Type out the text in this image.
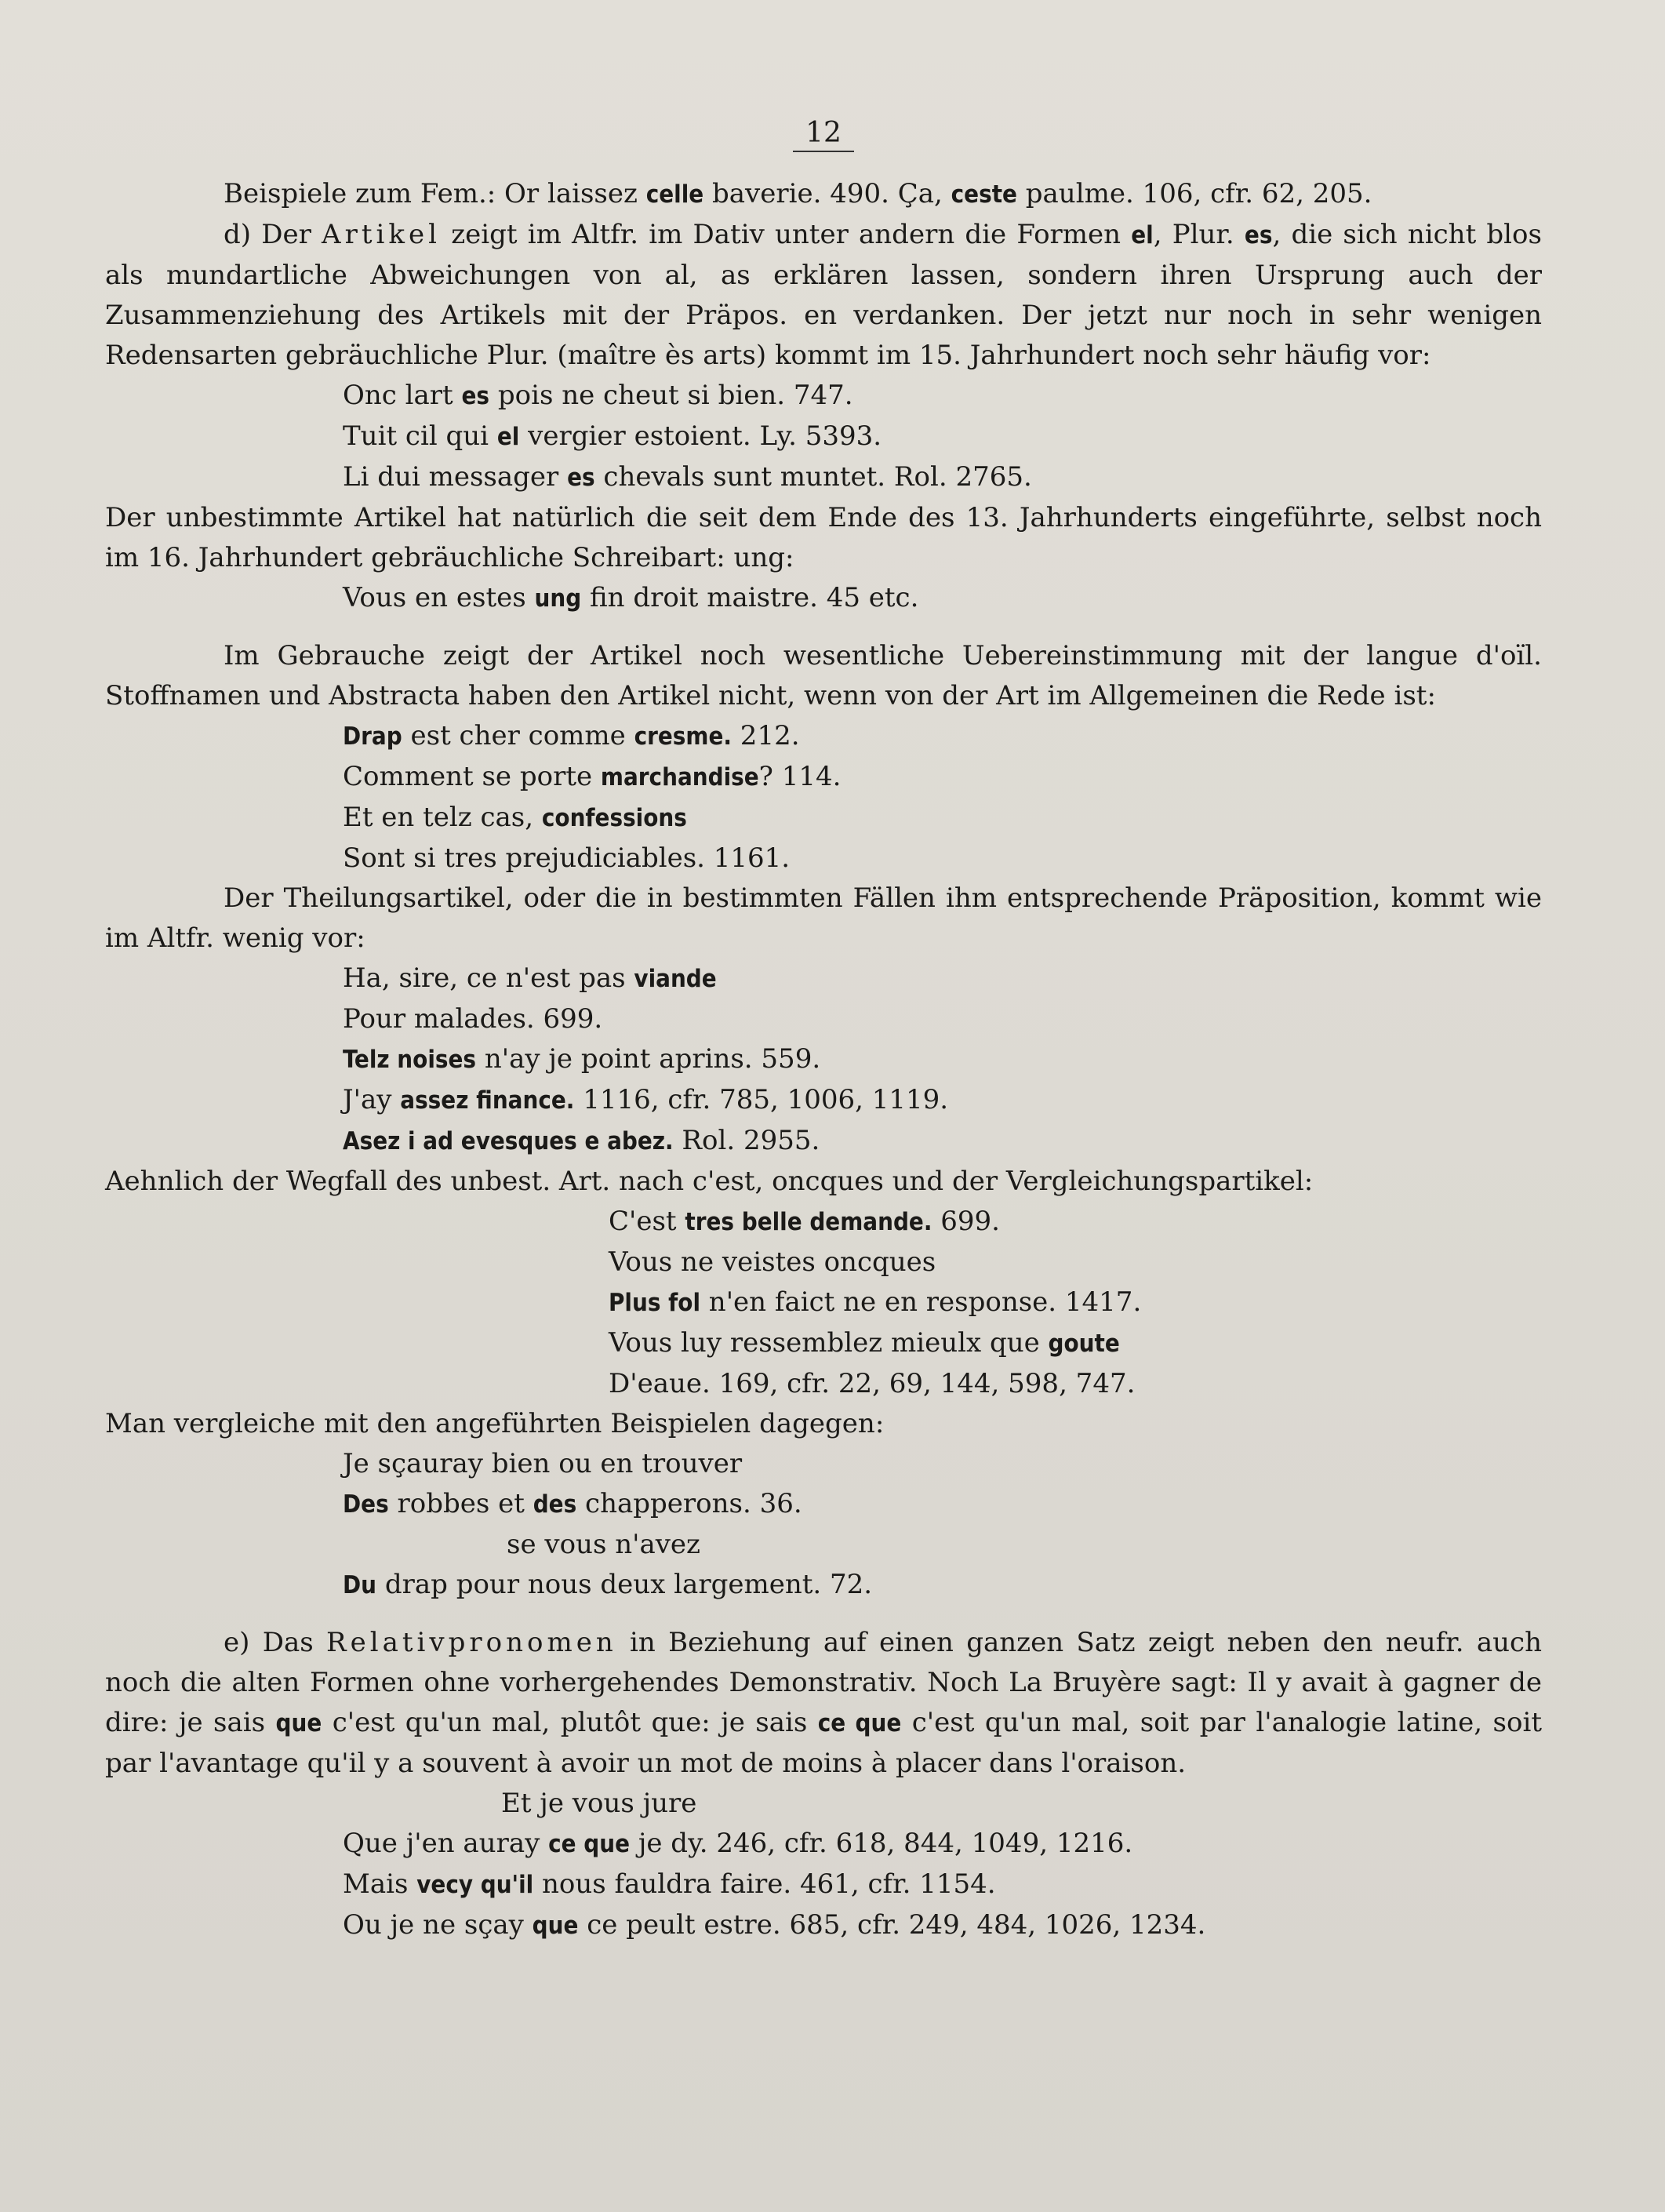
12

Beispiele zum Fem.: Or laissez celle baverie. 490. Ça, ceste paulme. 106, cfr. 62, 205.

d) Der Artikel zeigt im Altfr. im Dativ unter andern die Formen el, Plur. es, die sich nicht blos als mundartliche Abweichungen von al, as erklären lassen, sondern ihren Ursprung auch der Zusammenziehung des Artikels mit der Präpos. en verdanken. Der jetzt nur noch in sehr wenigen Redensarten gebräuchliche Plur. (maître ès arts) kommt im 15. Jahrhundert noch sehr häufig vor:

Onc lart es pois ne cheut si bien. 747.
Tuit cil qui el vergier estoient. Ly. 5393.
Li dui messager es chevals sunt muntet. Rol. 2765.

Der unbestimmte Artikel hat natürlich die seit dem Ende des 13. Jahrhunderts eingeführte, selbst noch im 16. Jahrhundert gebräuchliche Schreibart: ung:

Vous en estes ung fin droit maistre. 45 etc.

Im Gebrauche zeigt der Artikel noch wesentliche Uebereinstimmung mit der langue d'oïl. Stoffnamen und Abstracta haben den Artikel nicht, wenn von der Art im Allgemeinen die Rede ist:

Drap est cher comme cresme. 212.
Comment se porte marchandise? 114.
Et en telz cas, confessions
Sont si tres prejudiciables. 1161.

Der Theilungsartikel, oder die in bestimmten Fällen ihm entsprechende Präposition, kommt wie im Altfr. wenig vor:

Ha, sire, ce n'est pas viande
Pour malades. 699.
Telz noises n'ay je point aprins. 559.
J'ay assez finance. 1116, cfr. 785, 1006, 1119.
Asez i ad evesques e abez. Rol. 2955.

Aehnlich der Wegfall des unbest. Art. nach c'est, oncques und der Vergleichungspartikel:

C'est tres belle demande. 699.
Vous ne veistes oncques
Plus fol n'en faict ne en response. 1417.
Vous luy ressemblez mieulx que goute
D'eaue. 169, cfr. 22, 69, 144, 598, 747.

Man vergleiche mit den angeführten Beispielen dagegen:

Je sçauray bien ou en trouver
Des robbes et des chapperons. 36.
se vous n'avez
Du drap pour nous deux largement. 72.

e) Das Relativpronomen in Beziehung auf einen ganzen Satz zeigt neben den neufr. auch noch die alten Formen ohne vorhergehendes Demonstrativ. Noch La Bruyère sagt: Il y avait à gagner de dire: je sais que c'est qu'un mal, plutôt que: je sais ce que c'est qu'un mal, soit par l'analogie latine, soit par l'avantage qu'il y a souvent à avoir un mot de moins à placer dans l'oraison.

Et je vous jure
Que j'en auray ce que je dy. 246, cfr. 618, 844, 1049, 1216.
Mais vecy qu'il nous fauldra faire. 461, cfr. 1154.
Ou je ne sçay que ce peult estre. 685, cfr. 249, 484, 1026, 1234.
